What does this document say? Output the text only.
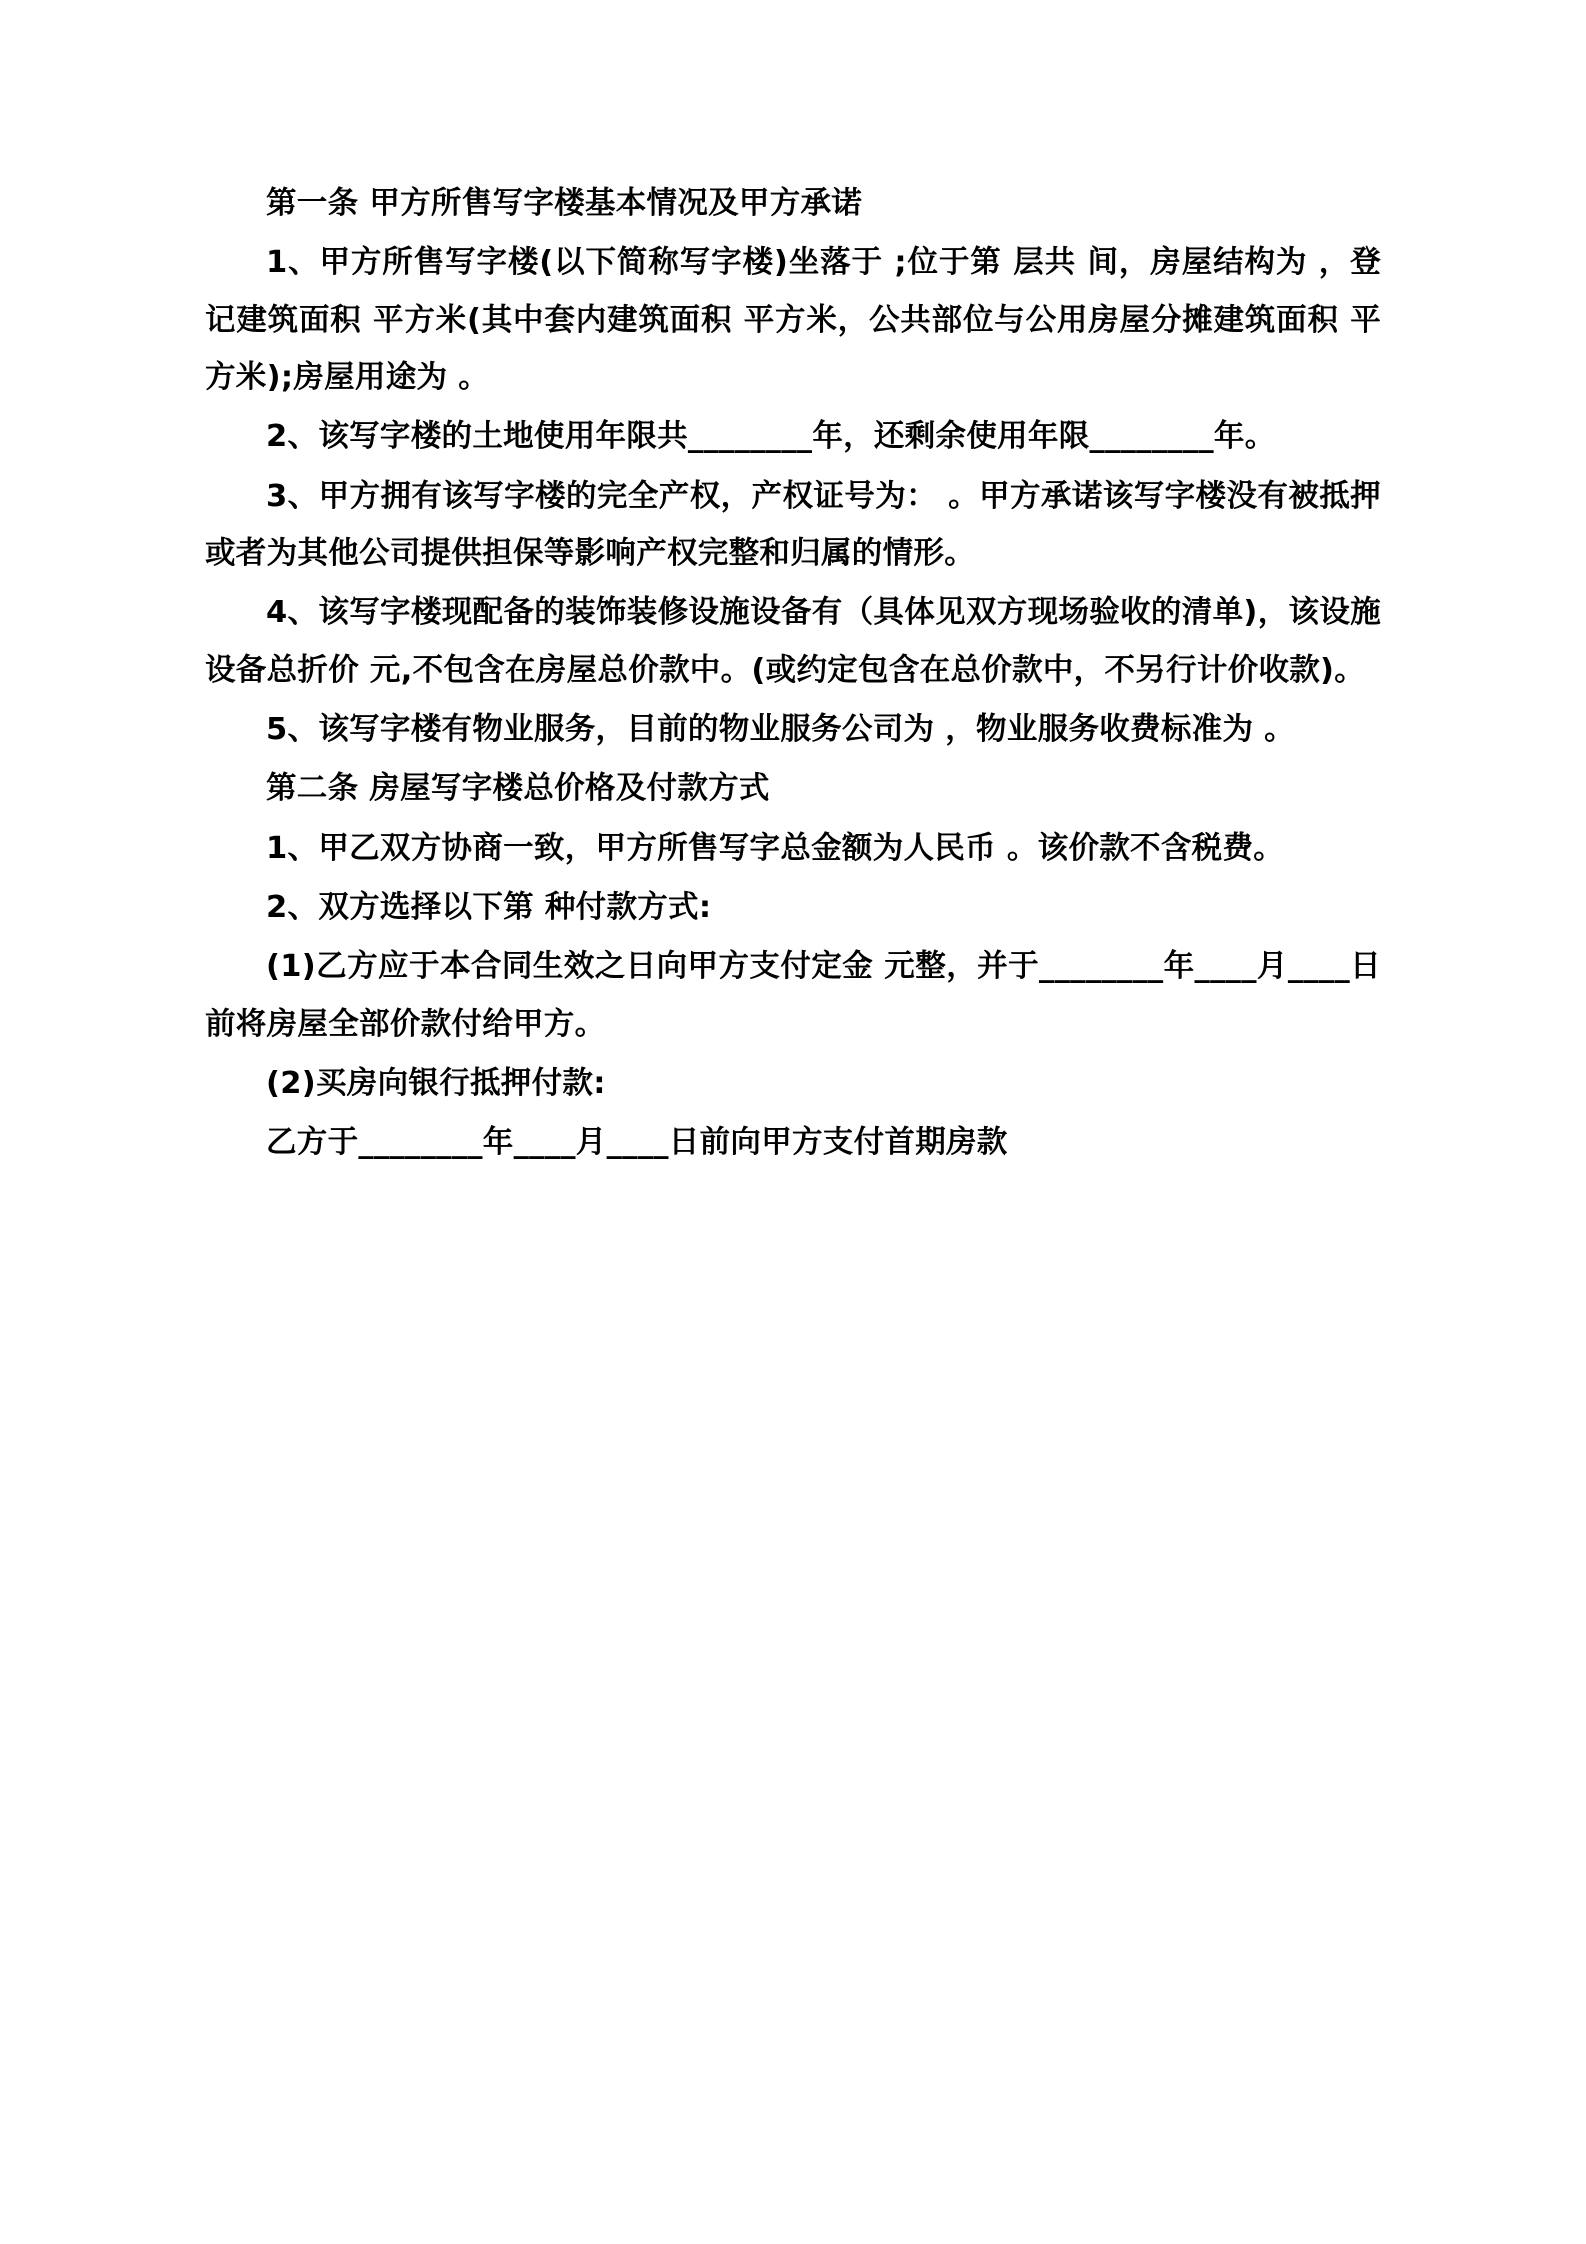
第一条 甲方所售写字楼基本情况及甲方承诺

1、甲方所售写字楼(以下简称写字楼)坐落于 ;位于第 层共 间，房屋结构为 ，登记建筑面积 平方米(其中套内建筑面积 平方米，公共部位与公用房屋分摊建筑面积 平方米);房屋用途为 。

2、该写字楼的土地使用年限共________年，还剩余使用年限________年。

3、甲方拥有该写字楼的完全产权，产权证号为： 。甲方承诺该写字楼没有被抵押或者为其他公司提供担保等影响产权完整和归属的情形。

4、该写字楼现配备的装饰装修设施设备有（具体见双方现场验收的清单)，该设施设备总折价 元,不包含在房屋总价款中。(或约定包含在总价款中，不另行计价收款)。

5、该写字楼有物业服务，目前的物业服务公司为 ，物业服务收费标准为 。

第二条 房屋写字楼总价格及付款方式

1、甲乙双方协商一致，甲方所售写字总金额为人民币 。该价款不含税费。

2、双方选择以下第 种付款方式:

(1)乙方应于本合同生效之日向甲方支付定金 元整，并于________年____月____日前将房屋全部价款付给甲方。

(2)买房向银行抵押付款:

乙方于________年____月____日前向甲方支付首期房款
